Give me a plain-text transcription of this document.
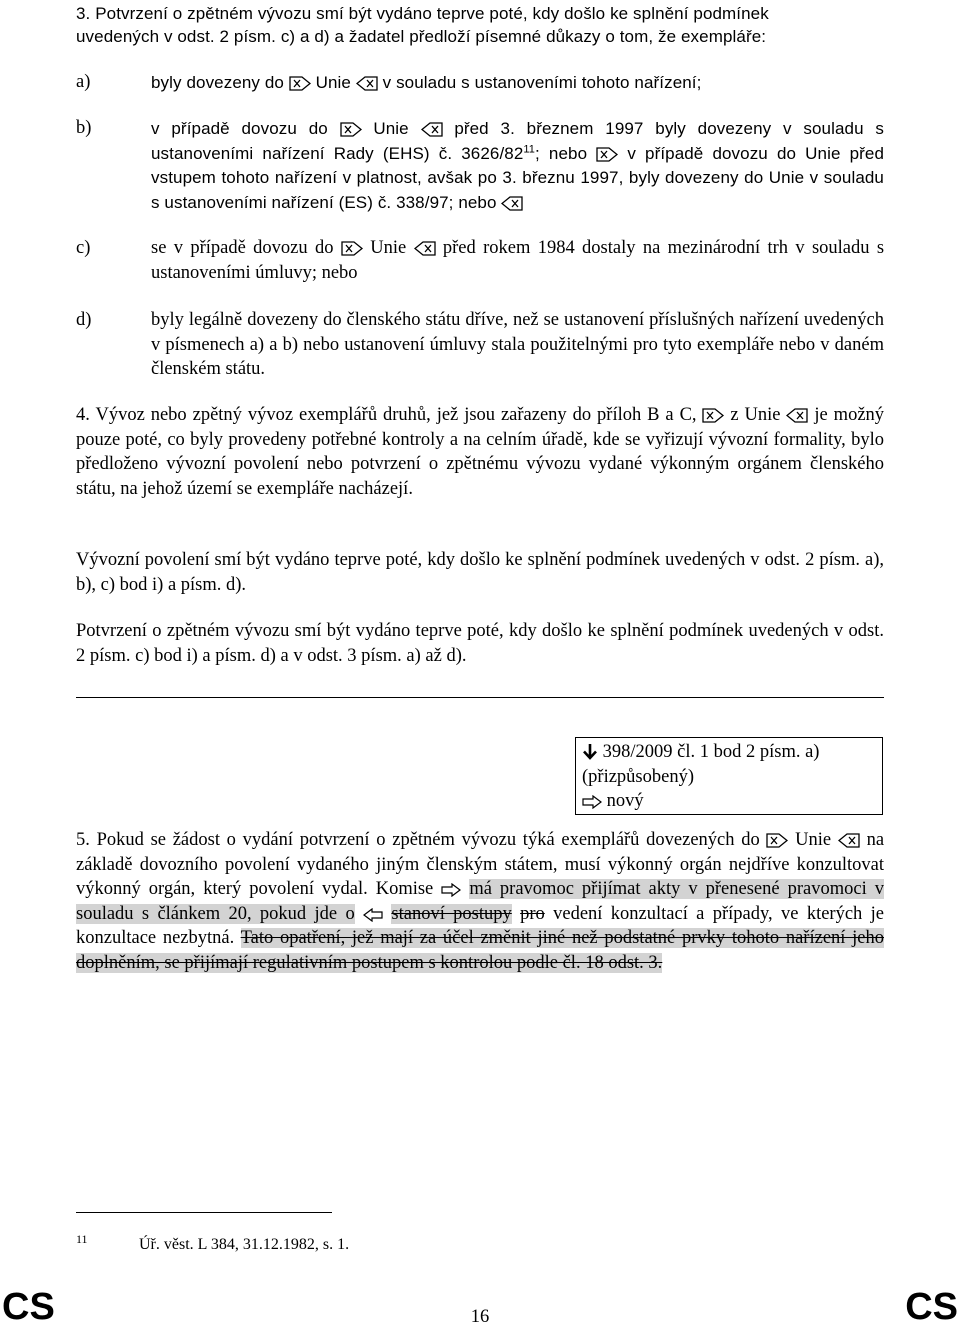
3. Potvrzení o zpětném vývozu smí být vydáno teprve poté, kdy došlo ke splnění podmínek
uvedených v odst. 2 písm. c) a d) a žadatel předloží písemné důkazy o tom, že exempláře:
a)	byly dovezeny do Unie v souladu s ustanoveními tohoto nařízení;
b)	v případě dovozu do	Unie	před 3. březnem 1997 byly dovezeny v souladu s ustanoveními nařízení Rady (EHS) č. $3626/82^{11}$; nebo v případě dovozu do Unie před vstupem tohoto nařízení v platnost, avšak po 3. březnu 1997, byly dovezeny do Unie v souladu s ustanoveními nařízení (ES) č. 338/97; nebo
c)	se v případě dovozu do Unie před rokem 1984 dostaly na mezinárodní trh v souladu s ustanoveními úmluvy; nebo
d)	byly legálně dovezeny do členského státu dříve, než se ustanovení příslušných nařízení uvedených v písmenech a) a b) nebo ustanovení úmluvy stala použitelnými pro tyto exempláře nebo v daném členském státu.
4. Vývoz nebo zpětný vývoz exemplářů druhů, jež jsou zařazeny do příloh B a C, z Unie je možný pouze poté, co byly provedeny potřebné kontroly a na celním úřadě, kde se vyřizují vývozní formality, bylo předloženo vývozní povolení nebo potvrzení o zpětnému vývozu vydané výkonným orgánem členského státu, na jehož území se exempláře nacházejí.
Vývozní povolení smí být vydáno teprve poté, kdy došlo ke splnění podmínek uvedených v odst. 2 písm. a), b), c) bod i) a písm. d).
Potvrzení o zpětném vývozu smí být vydáno teprve poté, kdy došlo ke splnění podmínek uvedených v odst. 2 písm. c) bod i) a písm. d) a v odst. 3 písm. a) až d).
398/2009 čl. 1 bod 2 písm. a)
(přizpůsobený)
nový
5. Pokud se žádost o vydání potvrzení o zpětném vývozu týká exemplářů dovezených do Unie na základě dovozního povolení vydaného jiným členským státem, musí výkonný orgán nejdříve konzultovat výkonný orgán, který povolení vydal. Komise má pravomoc přijímat akty v přenesené pravomoci v souladu s článkem 20, pokud jde o stanoví postupy pro vedení konzultací a případy, ve kterých je konzultace nezbytná. Tato opatření, jež mají za účel změnit jiné než podstatné prvky tohoto nařízení jeho doplněním, se přijímají regulativním postupem s kontrolou podle čl. 18 odst. 3.
11	Úř. věst. L 384, 31.12.1982, s. 1.
CS	16	CS
